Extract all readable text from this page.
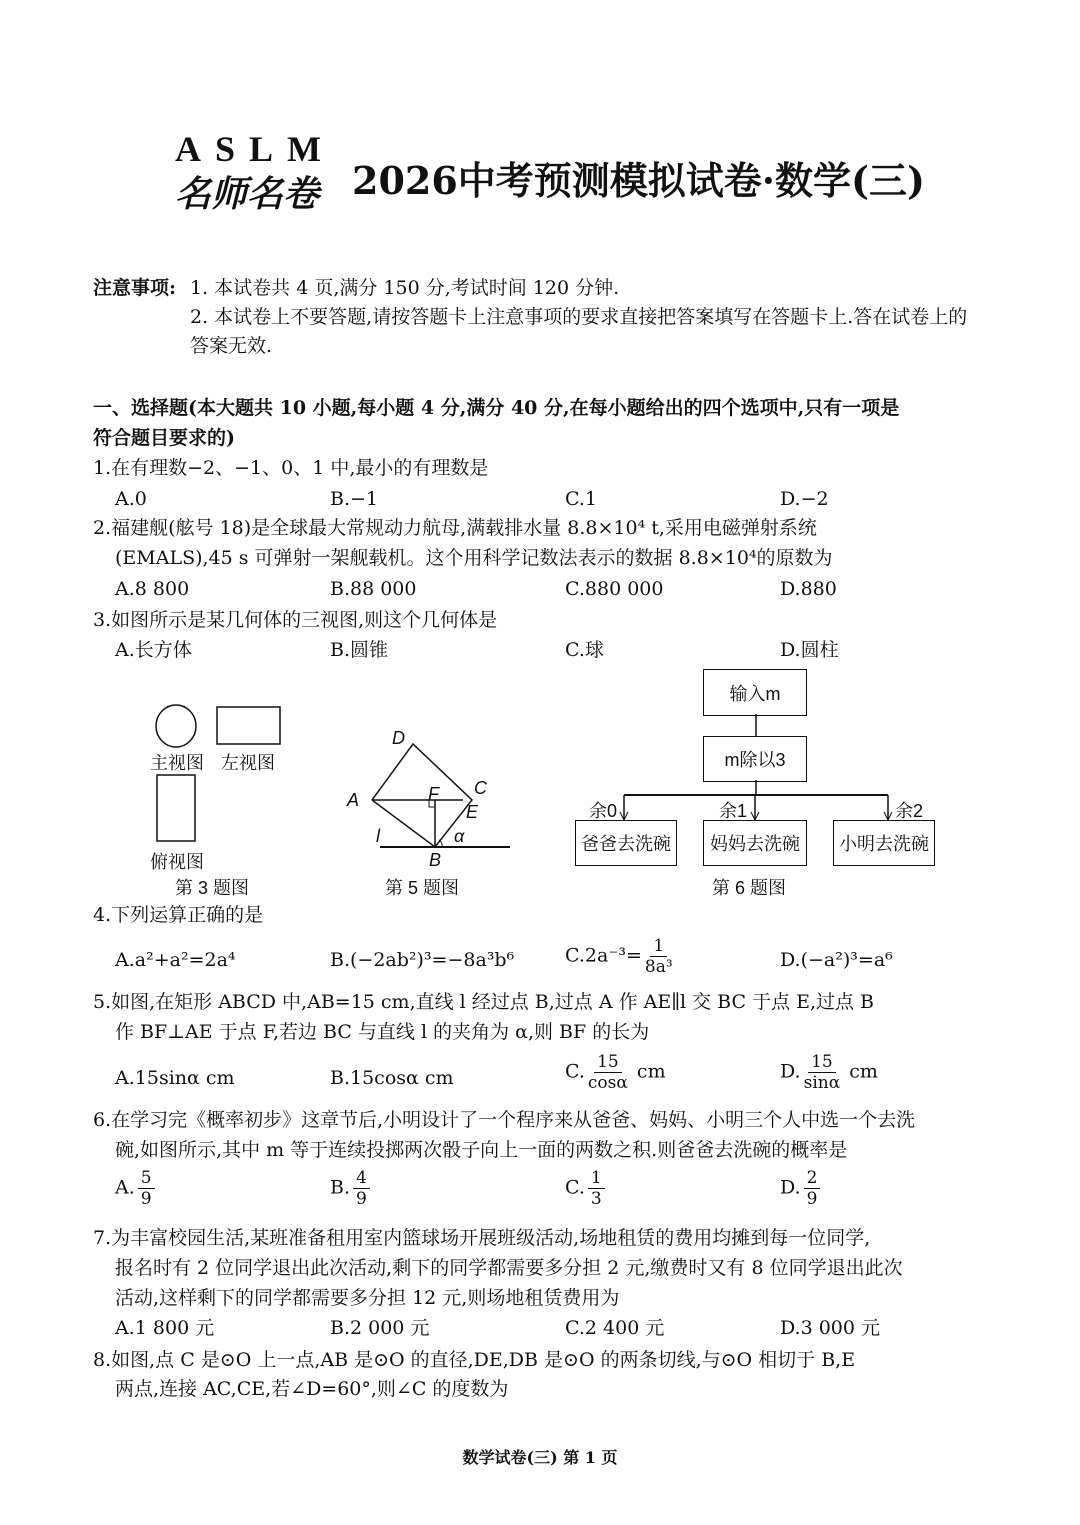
ASLM
名师名卷 2026中考预测模拟试卷·数学(三)
注意事项: 1. 本试卷共 4 页,满分 150 分,考试时间 120 分钟.
2. 本试卷上不要答题,请按答题卡上注意事项的要求直接把答案填写在答题卡上.答在试卷上的
答案无效.
一、选择题(本大题共 10 小题,每小题 4 分,满分 40 分,在每小题给出的四个选项中,只有一项是
符合题目要求的)
1.在有理数−2、−1、0、1 中,最小的有理数是
A.0	B.−1	C.1	D.−2
2.福建舰(舷号 18)是全球最大常规动力航母,满载排水量 8.8×10⁴ t,采用电磁弹射系统
(EMALS),45 s 可弹射一架舰载机。这个用科学记数法表示的数据 8.8×10⁴的原数为
A.8 800	B.88 000	C.880 000	D.880
3.如图所示是某几何体的三视图,则这个几何体是
A.长方体	B.圆锥	C.球	D.圆柱
主视图 左视图
俯视图
第 3 题图
D
A	F C
E
l	α
B
第 5 题图
输入m
m除以3
余0	余1	余2
爸爸去洗碗	妈妈去洗碗	小明去洗碗
第 6 题图
4.下列运算正确的是
A.a²+a²=2a⁴	B.(−2ab²)³=−8a³b⁶	$C.2a^{-3}= \frac{1}{\text{8a³}}$	D.(−a²)³=a⁶
5.如图,在矩形 ABCD 中,AB=15 cm,直线 l 经过点 B,过点 A 作 AE∥l 交 BC 于点 E,过点 B
作 BF⊥AE 于点 F,若边 BC 与直线 l 的夹角为 α,则 BF 的长为
A.15sinα cm	B.15cosα cm	C. $\frac{15}{\cos\alpha}$ cm	D. $\frac{15}{\sin\alpha}$ cm
6.在学习完《概率初步》这章节后,小明设计了一个程序来从爸爸、妈妈、小明三个人中选一个去洗
碗,如图所示,其中 m 等于连续投掷两次骰子向上一面的两数之积.则爸爸去洗碗的概率是
A. $\frac{5}{9}$	B. $\frac{4}{9}$	C. $\frac{1}{3}$	D. $\frac{2}{9}$
7.为丰富校园生活,某班准备租用室内篮球场开展班级活动,场地租赁的费用均摊到每一位同学,
报名时有 2 位同学退出此次活动,剩下的同学都需要多分担 2 元,缴费时又有 8 位同学退出此次
活动,这样剩下的同学都需要多分担 12 元,则场地租赁费用为
A.1 800 元	B.2 000 元	C.2 400 元	D.3 000 元
8.如图,点 C 是⊙O 上一点,AB 是⊙O 的直径,DE,DB 是⊙O 的两条切线,与⊙O 相切于 B,E
两点,连接 AC,CE,若∠D=60°,则∠C 的度数为
数学试卷(三) 第 1 页
